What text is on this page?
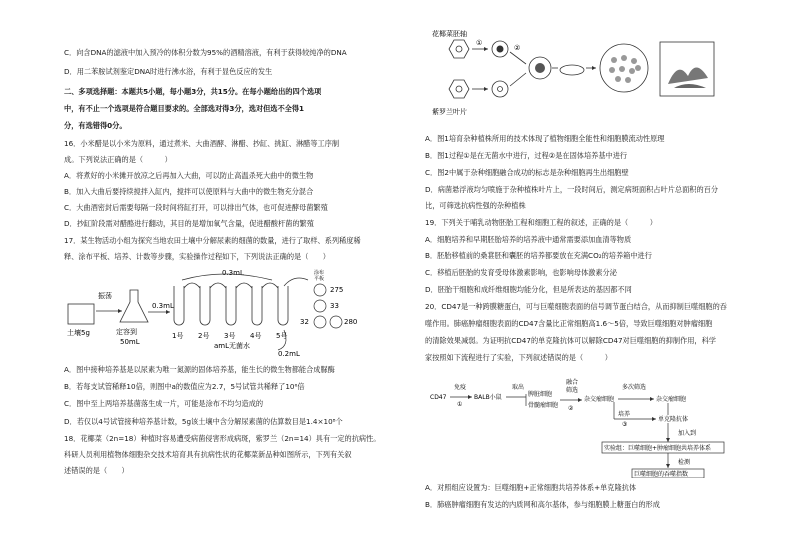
C．向含DNA的滤液中加入预冷的体积分数为95%的酒精溶液，有利于获得较纯净的DNA
D．用二苯胺试剂鉴定DNA时进行沸水浴，有利于显色反应的发生
二、多项选择题：本题共5小题，每小题3分，共15分。在每小题给出的四个选项
中，有不止一个选项是符合题目要求的。全部选对得3分，选对但选不全得1
分，有选错得0分。
16．小米醋是以小米为原料，通过煮米、大曲酒酵、淋醋、抄缸、挑缸、淋醋等工序制
成。下列说法正确的是（　　　）
A．将煮好的小米摊开放凉之后再加入大曲，可以防止高温杀死大曲中的微生物
B．加入大曲后要持续搅拌入缸内，搅拌可以使原料与大曲中的微生物充分混合
C．大曲酒密封后需要每隔一段时间将缸打开，可以排出气体，也可促进酵母菌繁殖
D．抄缸阶段需对醋酪进行翻动，其目的是增加氧气含量，促进醋酸杆菌的繁殖
17．某生物活动小组为探究当地农田土壤中分解尿素的细菌的数量，进行了取样、系列稀度稀
释、涂布平板、培养、计数等步骤，实验操作过程如下，下列说法正确的是（　　）
0.3mL
土壤5g
振荡
定容到
50mL
0.3mL
1号 2号 3号 4号 5号
amL无菌水
涂布
平板
275
33
32	280
0.2mL
A．图中接种培养基是以尿素为唯一氮源的固体培养基，能生长的微生物都能合成脲酶
B．若每支试管稀释10倍，则图中a的数值应为2.7，5号试管共稀释了10⁶倍
C．图中至上两培养基菌落生成一片，可能是涂布不均匀造成的
D．若仅以4号试管接种培养基计数，5g该土壤中含分解尿素菌的估算数目是1.4×10⁸个
18．花椰菜（2n=18）种植时容易遭受病菌侵害形成病斑，紫罗兰（2n=14）具有一定的抗病性。
科研人员利用植物体细胞杂交技术培育具有抗病性状的花椰菜新品种如图所示，下列有关叙
述错误的是（　　）
花椰菜胚轴
①
②
紫罗兰叶片
A．图1培育杂种植株所用的技术体现了植物细胞全能性和细胞膜流动性原理
B．图1过程①是在无菌水中进行，过程②是在固体培养基中进行
C．图2中属于杂种细胞融合成功的标志是杂种细胞再生出细胞壁
D．病菌悬浮液均匀喷施于杂种植株叶片上，一段时间后，测定病斑面积占叶片总面积的百分
比，可筛选抗病性强的杂种植株
19．下列关于哺乳动物胚胎工程和细胞工程的叙述，正确的是（　　　）
A．细胞培养和早期胚胎培养的培养液中通常需要添加血清等物质
B．胚胎移植前的桑葚胚和囊胚的培养都要放在充满CO₂的培养箱中进行
C．移植后胚胎的发育受母体激素影响，也影响母体激素分泌
D．胚胎干细胞和成纤维细胞均能分化，但是所表达的基因都不同
20．CD47是一种跨膜糖蛋白，可与巨噬细胞表面的信号调节蛋白结合，从而抑制巨噬细胞的吞
噬作用。肺癌肿瘤细胞表面的CD47含量比正常细胞高1.6～5倍，导致巨噬细胞对肿瘤细胞
的清除效果减弱。为证明抗CD47的单克隆抗体可以解除CD47对巨噬细胞的抑制作用，科学
家按照如下流程进行了实验，下列叙述错误的是（　　　）
CD47
免疫
①
BALB小鼠
取出
脾脏细胞
骨髓瘤细胞
融合
筛选
②
杂交瘤细胞
多次筛选
杂交瘤细胞
培养
③
单克隆抗体
加入到
实验组：巨噬细胞+肿瘤细胞共培养体系
检测
巨噬细胞的吞噬指数
A．对照组应设置为：巨噬细胞+正常细胞共培养体系+单克隆抗体
B．肺癌肿瘤细胞有发达的内质网和高尔基体，参与细胞膜上糖蛋白的形成
